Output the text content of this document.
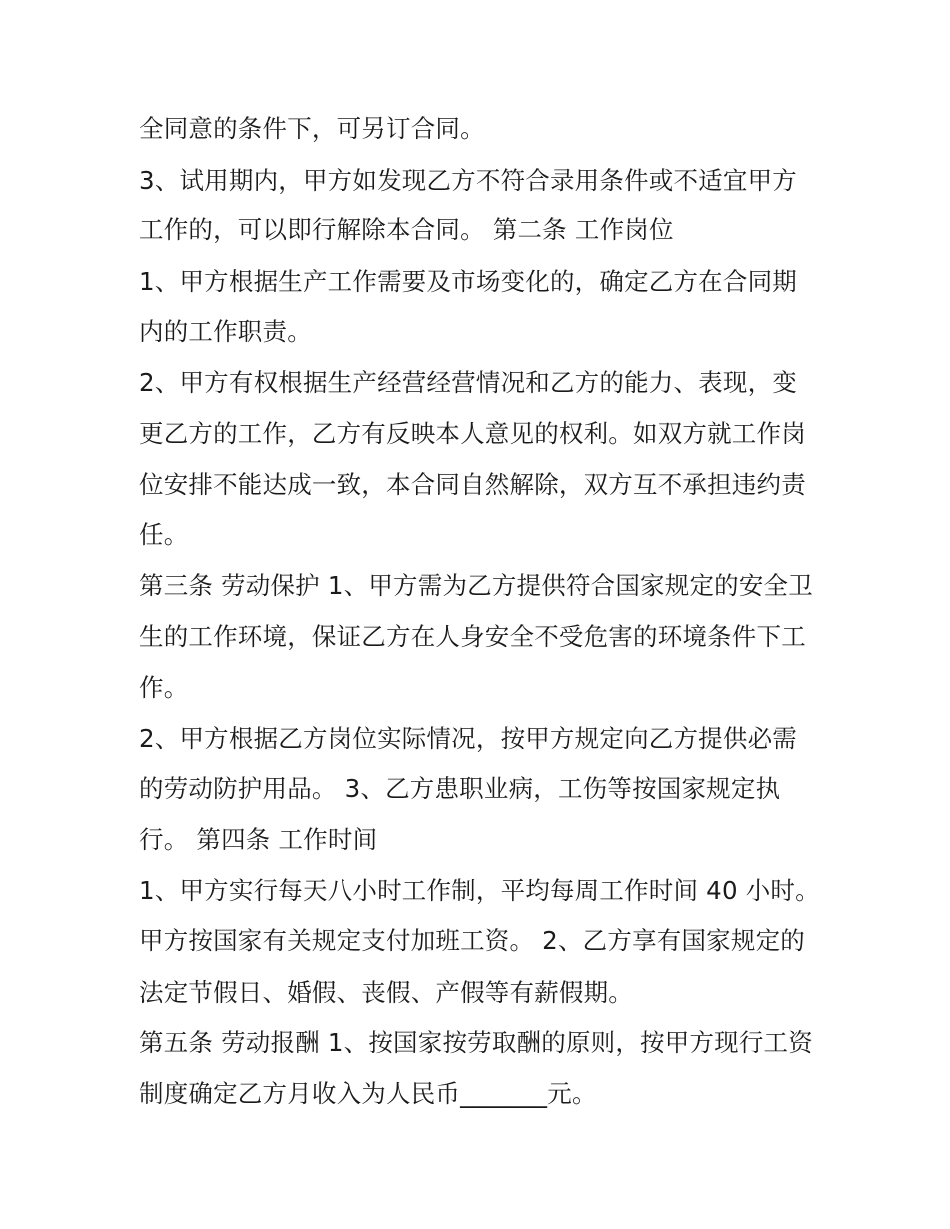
全同意的条件下，可另订合同。
3、试用期内，甲方如发现乙方不符合录用条件或不适宜甲方
工作的，可以即行解除本合同。 第二条 工作岗位
1、甲方根据生产工作需要及市场变化的，确定乙方在合同期
内的工作职责。
2、甲方有权根据生产经营经营情况和乙方的能力、表现，变
更乙方的工作，乙方有反映本人意见的权利。如双方就工作岗
位安排不能达成一致，本合同自然解除，双方互不承担违约责
任。
第三条 劳动保护 1、甲方需为乙方提供符合国家规定的安全卫
生的工作环境，保证乙方在人身安全不受危害的环境条件下工
作。
2、甲方根据乙方岗位实际情况，按甲方规定向乙方提供必需
的劳动防护用品。 3、乙方患职业病，工伤等按国家规定执
行。 第四条 工作时间
1、甲方实行每天八小时工作制，平均每周工作时间 40 小时。
甲方按国家有关规定支付加班工资。 2、乙方享有国家规定的
法定节假日、婚假、丧假、产假等有薪假期。
第五条 劳动报酬 1、按国家按劳取酬的原则，按甲方现行工资
制度确定乙方月收入为人民币_______元。
